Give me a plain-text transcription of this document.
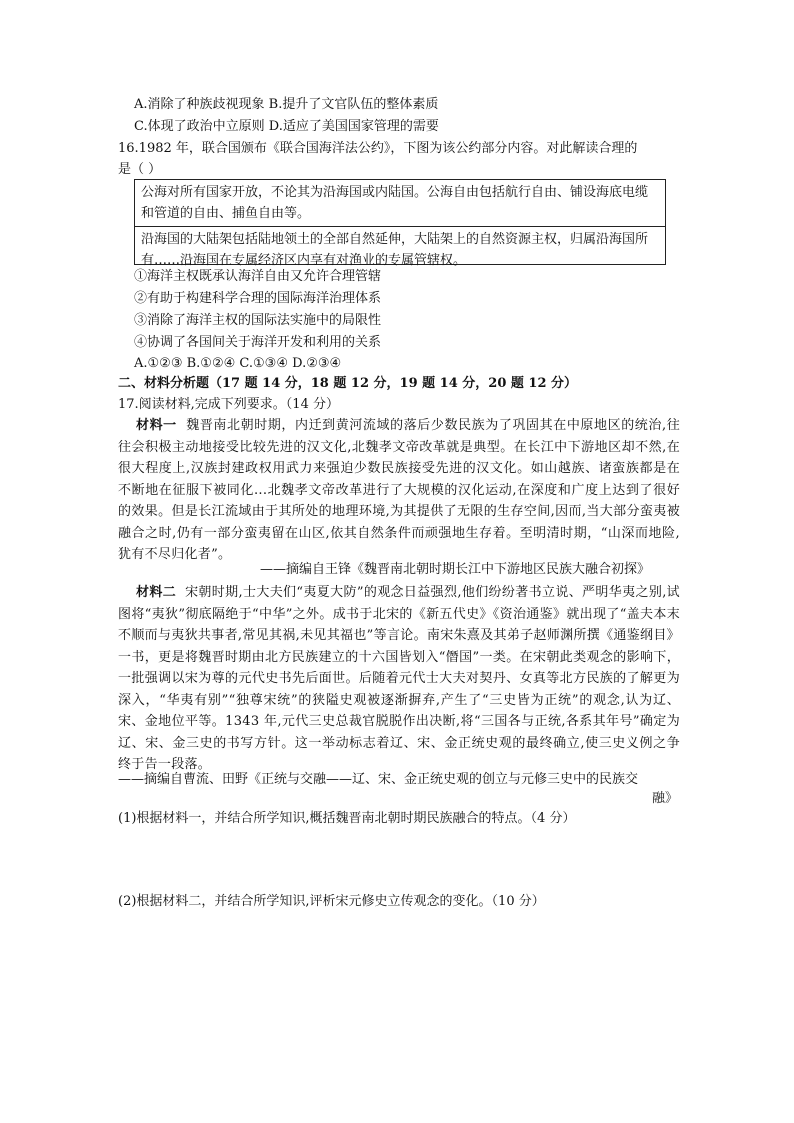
A.消除了种族歧视现象 B.提升了文官队伍的整体素质
C.体现了政治中立原则 D.适应了美国国家管理的需要
16.1982 年，联合国颁布《联合国海洋法公约》，下图为该公约部分内容。对此解读合理的
是（ ）
公海对所有国家开放，不论其为沿海国或内陆国。公海自由包括航行自由、铺设海底电缆和管道的自由、捕鱼自由等。
沿海国的大陆架包括陆地领土的全部自然延伸，大陆架上的自然资源主权，归属沿海国所有……沿海国在专属经济区内享有对渔业的专属管辖权。
①海洋主权既承认海洋自由又允许合理管辖
②有助于构建科学合理的国际海洋治理体系
③消除了海洋主权的国际法实施中的局限性
④协调了各国间关于海洋开发和利用的关系
A.①②③ B.①②④ C.①③④ D.②③④
二、材料分析题（17 题 14 分，18 题 12 分，19 题 14 分，20 题 12 分）
17.阅读材料,完成下列要求。（14 分）
材料一 魏晋南北朝时期，内迁到黄河流域的落后少数民族为了巩固其在中原地区的统治,往往会积极主动地接受比较先进的汉文化,北魏孝文帝改革就是典型。在长江中下游地区却不然,在很大程度上,汉族封建政权用武力来强迫少数民族接受先进的汉文化。如山越族、诸蛮族都是在不断地在征服下被同化...北魏孝文帝改革进行了大规模的汉化运动,在深度和广度上达到了很好的效果。但是长江流域由于其所处的地理环境,为其提供了无限的生存空间,因而,当大部分蛮夷被融合之时,仍有一部分蛮夷留在山区,依其自然条件而顽强地生存着。至明清时期，“山深而地险,犹有不尽归化者”。
——摘编自王锋《魏晋南北朝时期长江中下游地区民族大融合初探》
材料二 宋朝时期,士大夫们“夷夏大防”的观念日益强烈,他们纷纷著书立说、严明华夷之别,试图将“夷狄”彻底隔绝于“中华”之外。成书于北宋的《新五代史》《资治通鉴》就出现了“盖夫本末不顺而与夷狄共事者,常见其祸,未见其福也”等言论。南宋朱熹及其弟子赵师渊所撰《通鉴纲目》一书，更是将魏晋时期由北方民族建立的十六国皆划入“僭国”一类。在宋朝此类观念的影响下，一批强调以宋为尊的元代史书先后面世。后随着元代士大夫对契丹、女真等北方民族的了解更为深入，“华夷有别”“独尊宋统”的狭隘史观被逐渐摒弃,产生了“三史皆为正统”的观念,认为辽、宋、金地位平等。1343 年,元代三史总裁官脱脱作出决断,将“三国各与正统,各系其年号”确定为辽、宋、金三史的书写方针。这一举动标志着辽、宋、金正统史观的最终确立,使三史义例之争终于告一段落。
——摘编自曹流、田野《正统与交融——辽、宋、金正统史观的创立与元修三史中的民族交
融》
(1)根据材料一，并结合所学知识,概括魏晋南北朝时期民族融合的特点。（4 分）
(2)根据材料二，并结合所学知识,评析宋元修史立传观念的变化。（10 分）
